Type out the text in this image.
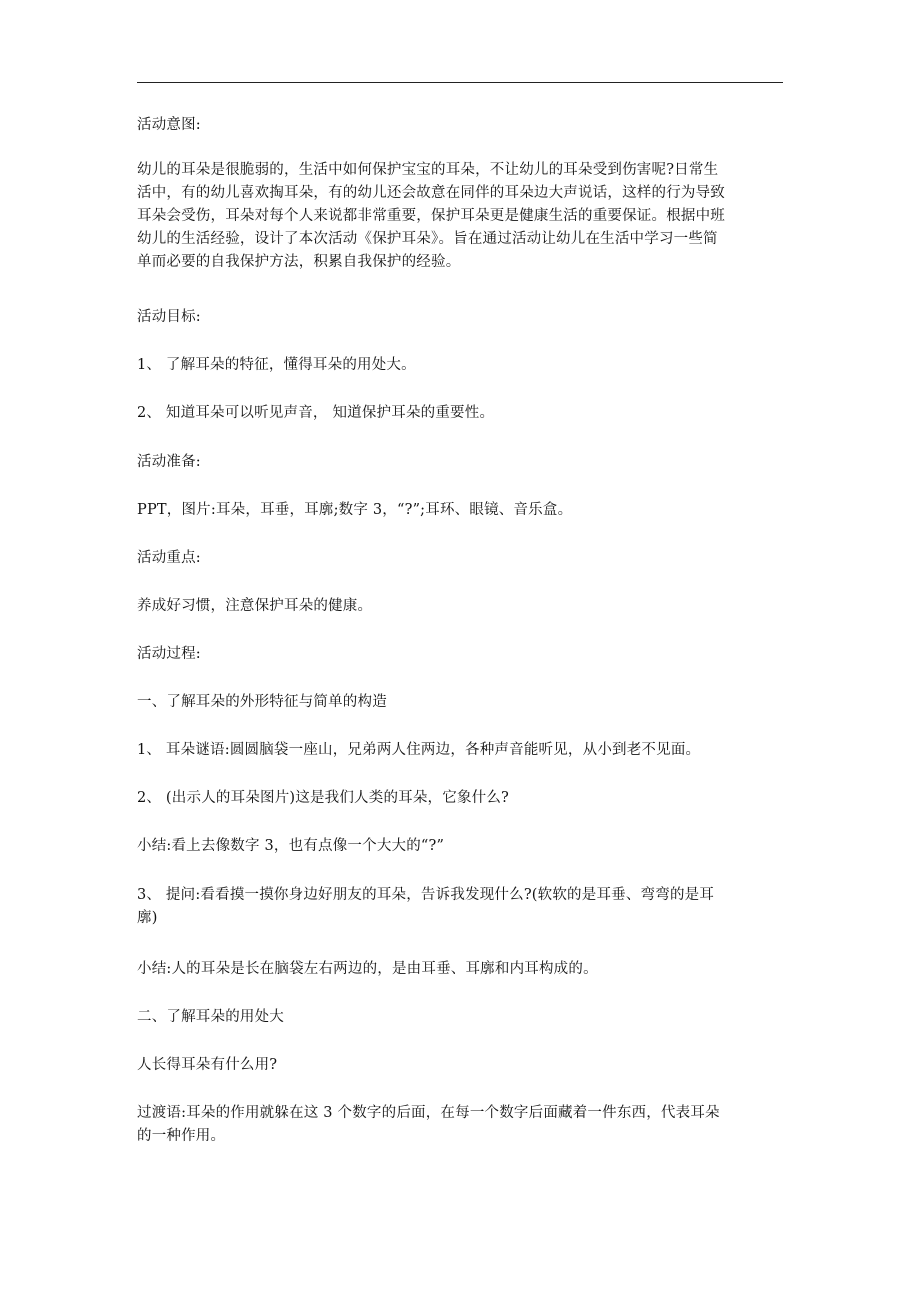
活动意图:
幼儿的耳朵是很脆弱的，生活中如何保护宝宝的耳朵，不让幼儿的耳朵受到伤害呢?日常生
活中，有的幼儿喜欢掏耳朵，有的幼儿还会故意在同伴的耳朵边大声说话，这样的行为导致
耳朵会受伤，耳朵对每个人来说都非常重要，保护耳朵更是健康生活的重要保证。根据中班
幼儿的生活经验，设计了本次活动《保护耳朵》。旨在通过活动让幼儿在生活中学习一些简
单而必要的自我保护方法，积累自我保护的经验。
活动目标:
1、 了解耳朵的特征，懂得耳朵的用处大。
2、 知道耳朵可以听见声音， 知道保护耳朵的重要性。
活动准备:
PPT，图片:耳朵，耳垂，耳廓;数字 3，“?”;耳环、眼镜、音乐盒。
活动重点:
养成好习惯，注意保护耳朵的健康。
活动过程:
一、了解耳朵的外形特征与简单的构造
1、 耳朵谜语:圆圆脑袋一座山，兄弟两人住两边，各种声音能听见，从小到老不见面。
2、 (出示人的耳朵图片)这是我们人类的耳朵，它象什么?
小结:看上去像数字 3，也有点像一个大大的“?”
3、 提问:看看摸一摸你身边好朋友的耳朵，告诉我发现什么?(软软的是耳垂、弯弯的是耳
廓)
小结:人的耳朵是长在脑袋左右两边的，是由耳垂、耳廓和内耳构成的。
二、了解耳朵的用处大
人长得耳朵有什么用?
过渡语:耳朵的作用就躲在这 3 个数字的后面，在每一个数字后面藏着一件东西，代表耳朵
的一种作用。
